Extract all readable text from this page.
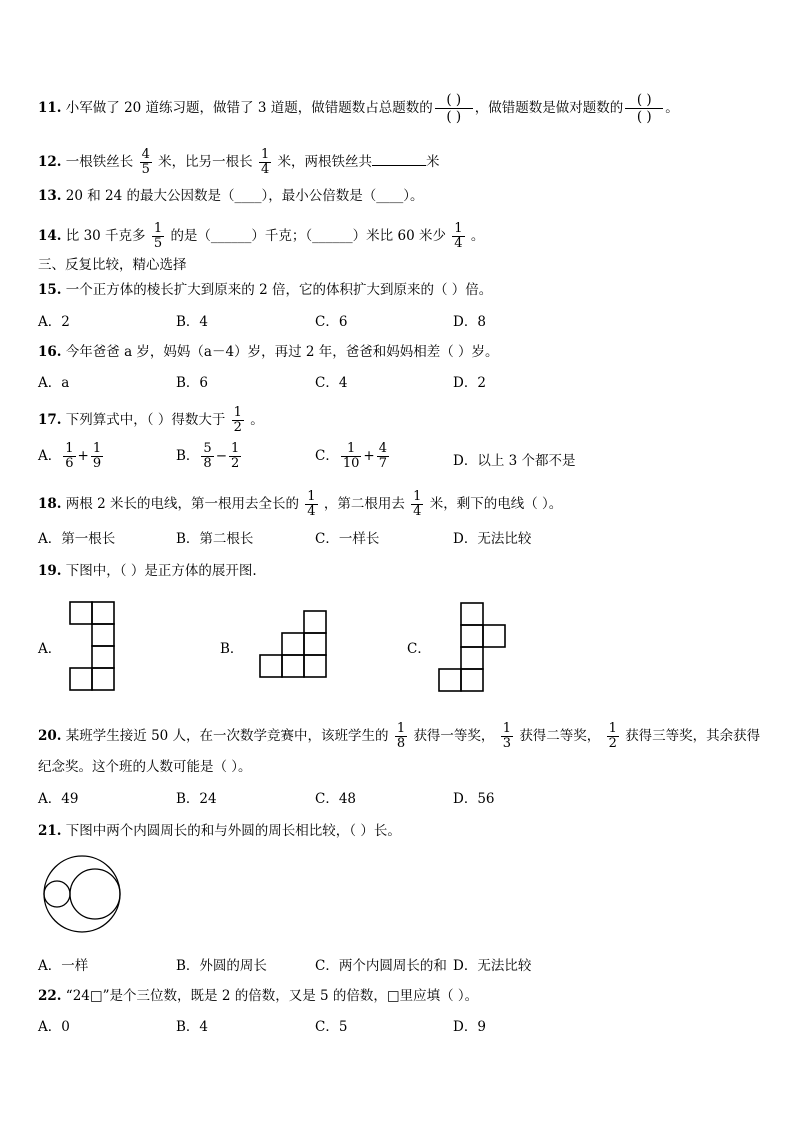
11. 小军做了 20 道练习题，做错了 3 道题，做错题数占总题数的 $\frac{( )}{( )}$ ，做错题数是做对题数的 $\frac{( )}{( )}$ 。
12. 一根铁丝长 $\frac{4}{5}$ 米，比另一根长 $\frac{1}{4}$ 米，两根铁丝共	米
13. 20 和 24 的最大公因数是（____），最小公倍数是（____）。
14. 比 30 千克多 $\frac{1}{5}$ 的是（______）千克；（______）米比 60 米少 $\frac{1}{4}$ 。
三、反复比较，精心选择
15. 一个正方体的棱长扩大到原来的 2 倍，它的体积扩大到原来的（ ）倍。
A．2	B．4	C．6	D．8
16. 今年爸爸 a 岁，妈妈（a－4）岁，再过 2 年，爸爸和妈妈相差（ ）岁。
A．a	B．6	C．4	D．2
17. 下列算式中，（ ）得数大于 $\frac{1}{2}$ 。
A． $\frac{1}{6} + \frac{1}{9}$	B． $\frac{5}{8} - \frac{1}{2}$	C． $\frac{1}{10} + \frac{4}{7}$	D．以上 3 个都不是
18. 两根 2 米长的电线，第一根用去全长的 $\frac{1}{4}$ ，第二根用去 $\frac{1}{4}$ 米，剩下的电线（ ）。
A．第一根长	B．第二根长	C．一样长	D．无法比较
19. 下图中，（ ）是正方体的展开图.
A．	B．	C．
20. 某班学生接近 50 人，在一次数学竞赛中，该班学生的 $\frac{1}{8}$ 获得一等奖， $\frac{1}{3}$ 获得二等奖， $\frac{1}{2}$ 获得三等奖，其余获得
纪念奖。这个班的人数可能是（ ）。
A．49	B．24	C．48	D．56
21. 下图中两个内圆周长的和与外圆的周长相比较，（ ）长。
A．一样	B．外圆的周长	C．两个内圆周长的和 D．无法比较
22. “24□”是个三位数，既是 2 的倍数，又是 5 的倍数，□里应填（ ）。
A．0	B．4	C．5	D．9
